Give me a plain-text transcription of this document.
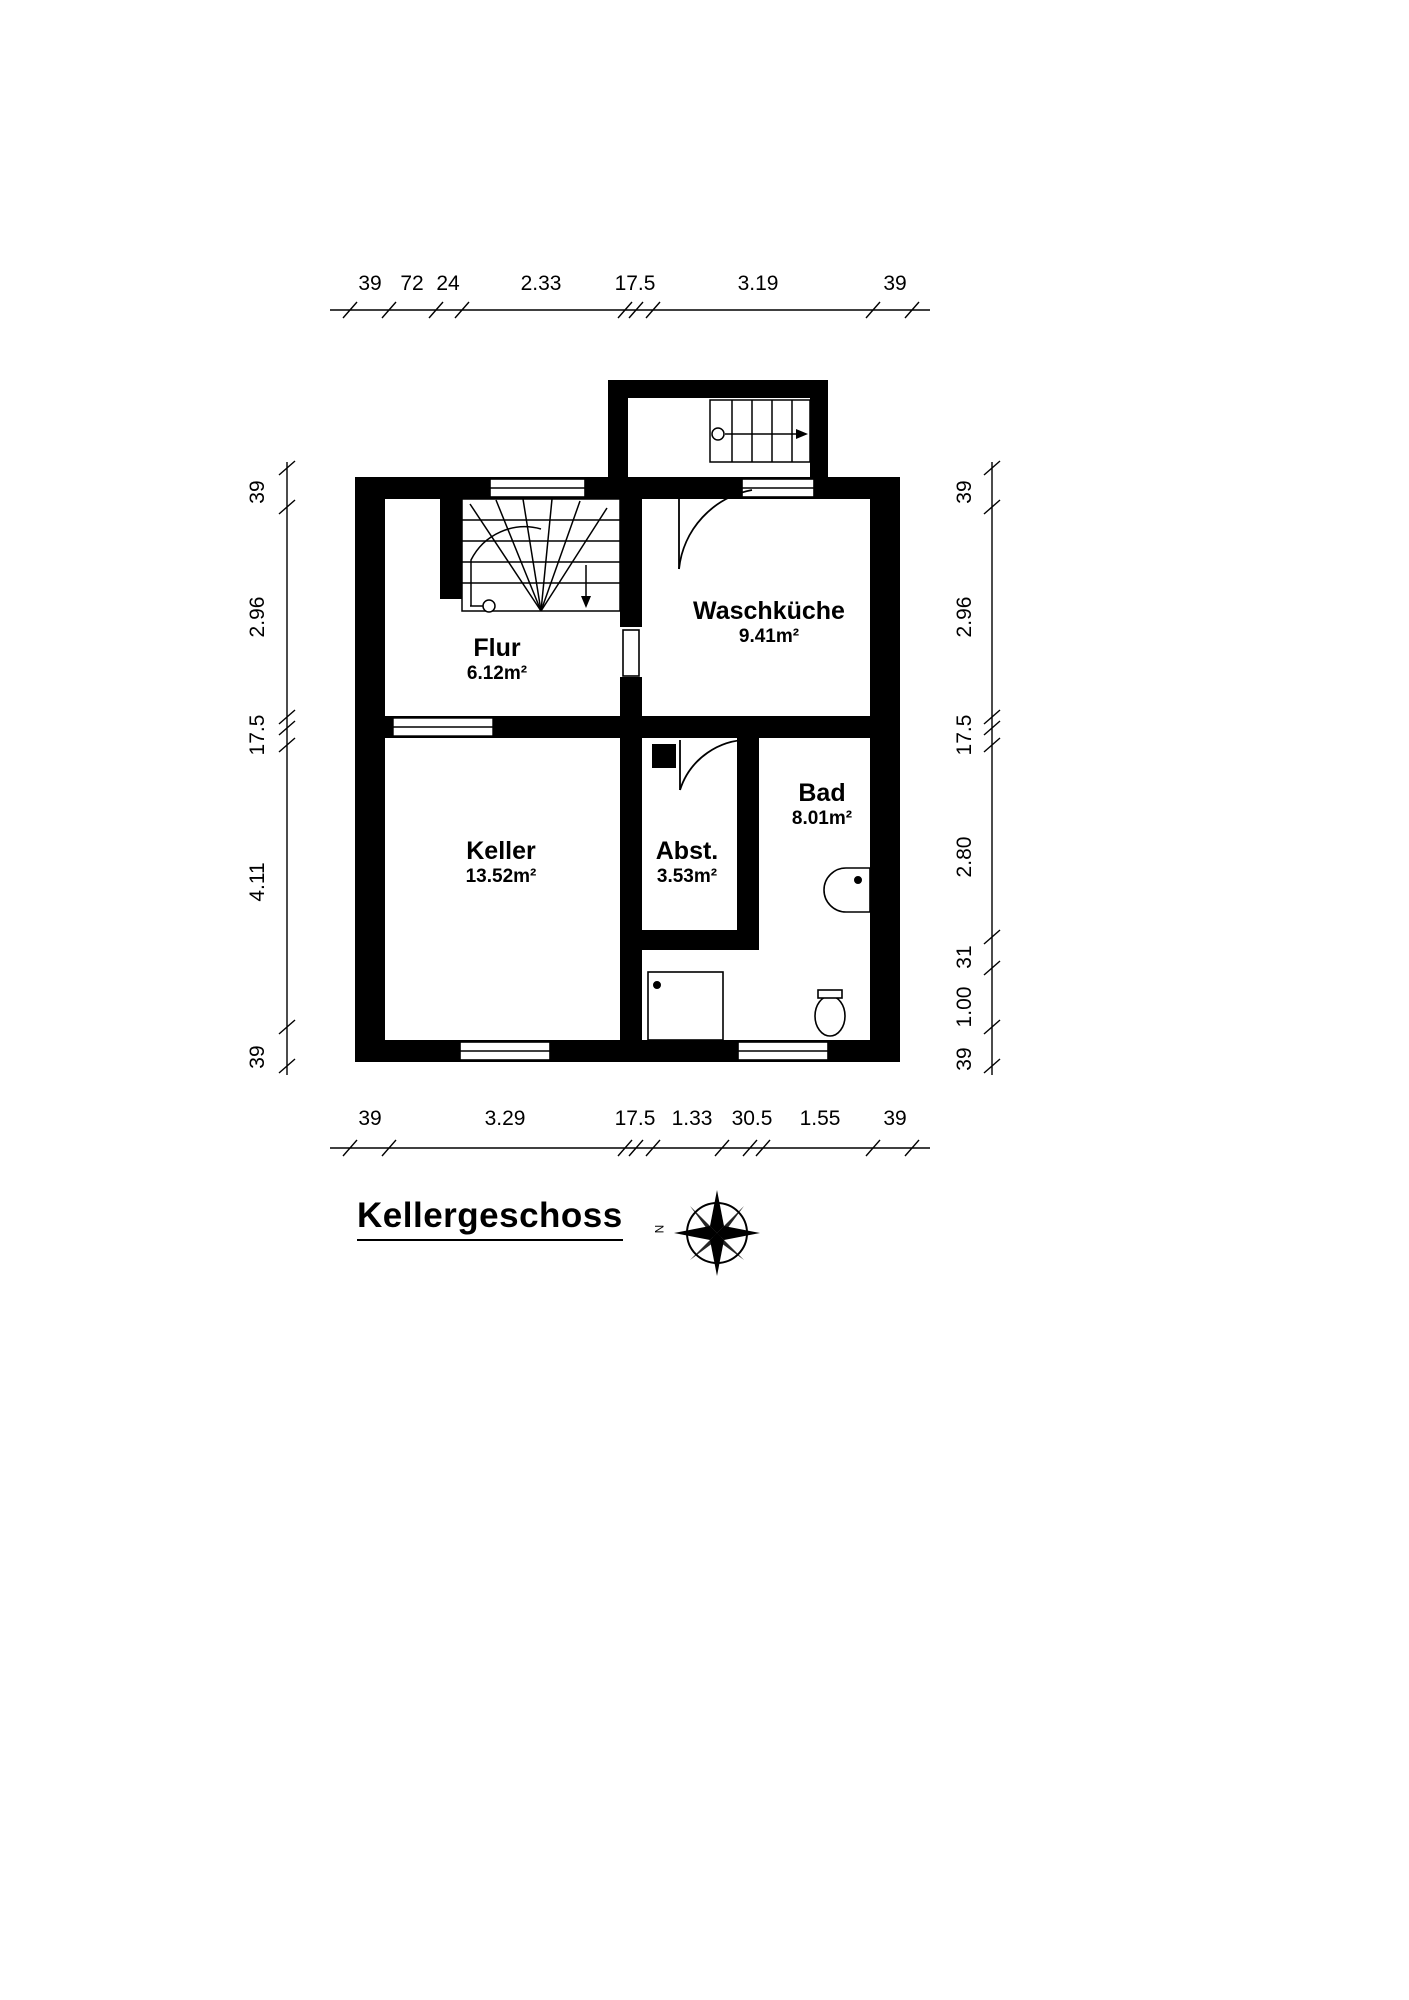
Flur
6.12m²
Waschküche
9.41m²
Keller
13.52m²
Abst.
3.53m²
Bad
8.01m²
39 72 24	2.33	17.5	3.19	39
39	3.29	17.5 1.33 30.5	1.55	39
39
2.96
17.5
4.11
39
39
2.96
17.5
2.80
31
1.00
39
Kellergeschoss N
